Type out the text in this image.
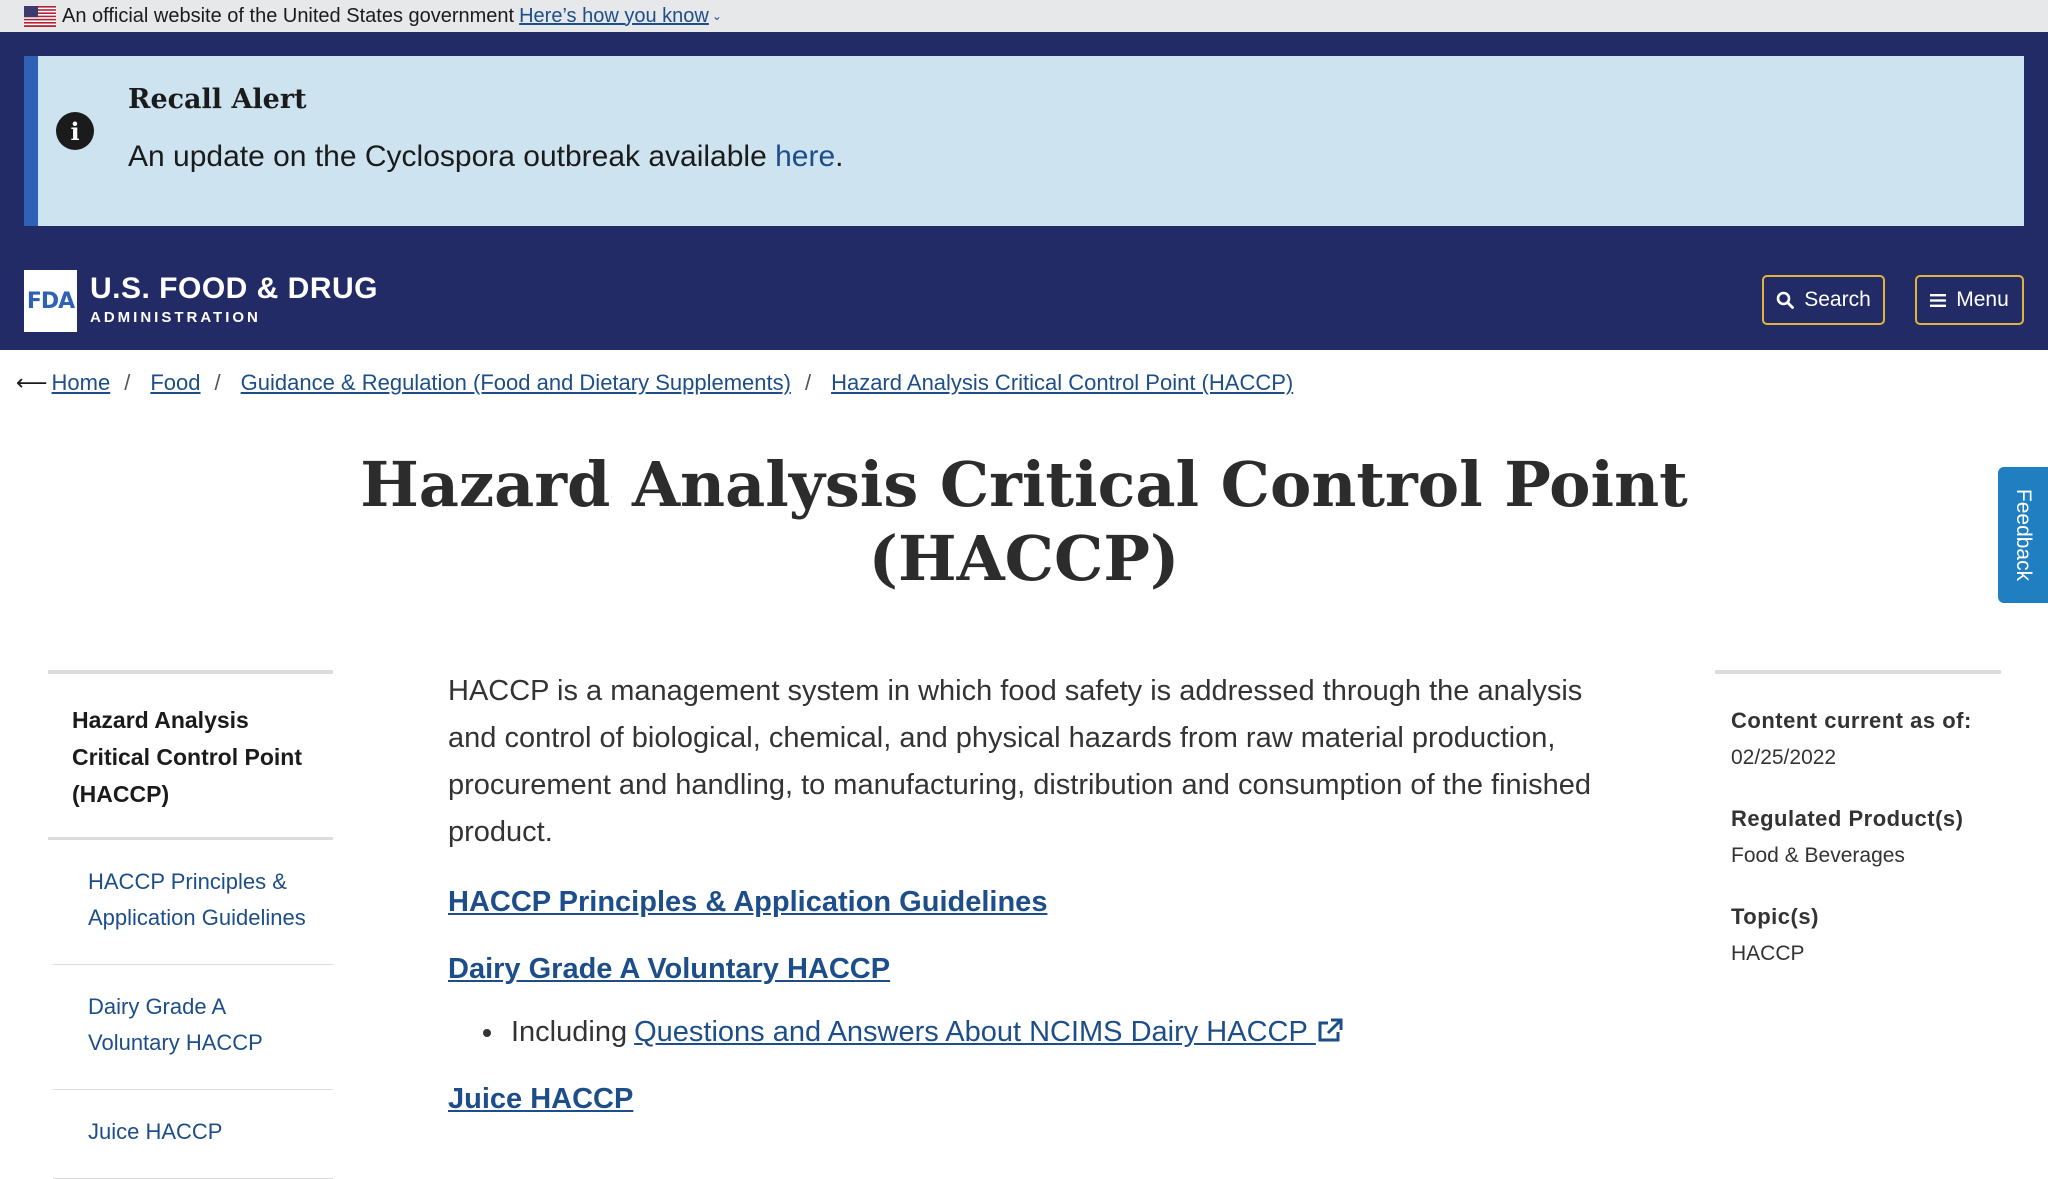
An official website of the United States government Here’s how you know ⌄
i
Recall Alert
An update on the Cyclospora outbreak available here.
FDA U.S. FOOD & DRUG
ADMINISTRATION
Search	Menu
⟵ Home / Food / Guidance & Regulation (Food and Dietary Supplements) / Hazard Analysis Critical Control Point (HACCP)
Hazard Analysis Critical Control Point (HACCP)	Feedback
Hazard Analysis Critical Control Point (HACCP)
HACCP Principles & Application Guidelines
Dairy Grade A Voluntary HACCP
Juice HACCP

HACCP is a management system in which food safety is addressed through the analysis and control of biological, chemical, and physical hazards from raw material production, procurement and handling, to manufacturing, distribution and consumption of the finished product.

HACCP Principles & Application Guidelines
Dairy Grade A Voluntary HACCP
Including Questions and Answers About NCIMS Dairy HACCP
Juice HACCP

Content current as of:

02/25/2022

Regulated Product(s)

Food & Beverages

Topic(s)

HACCP
